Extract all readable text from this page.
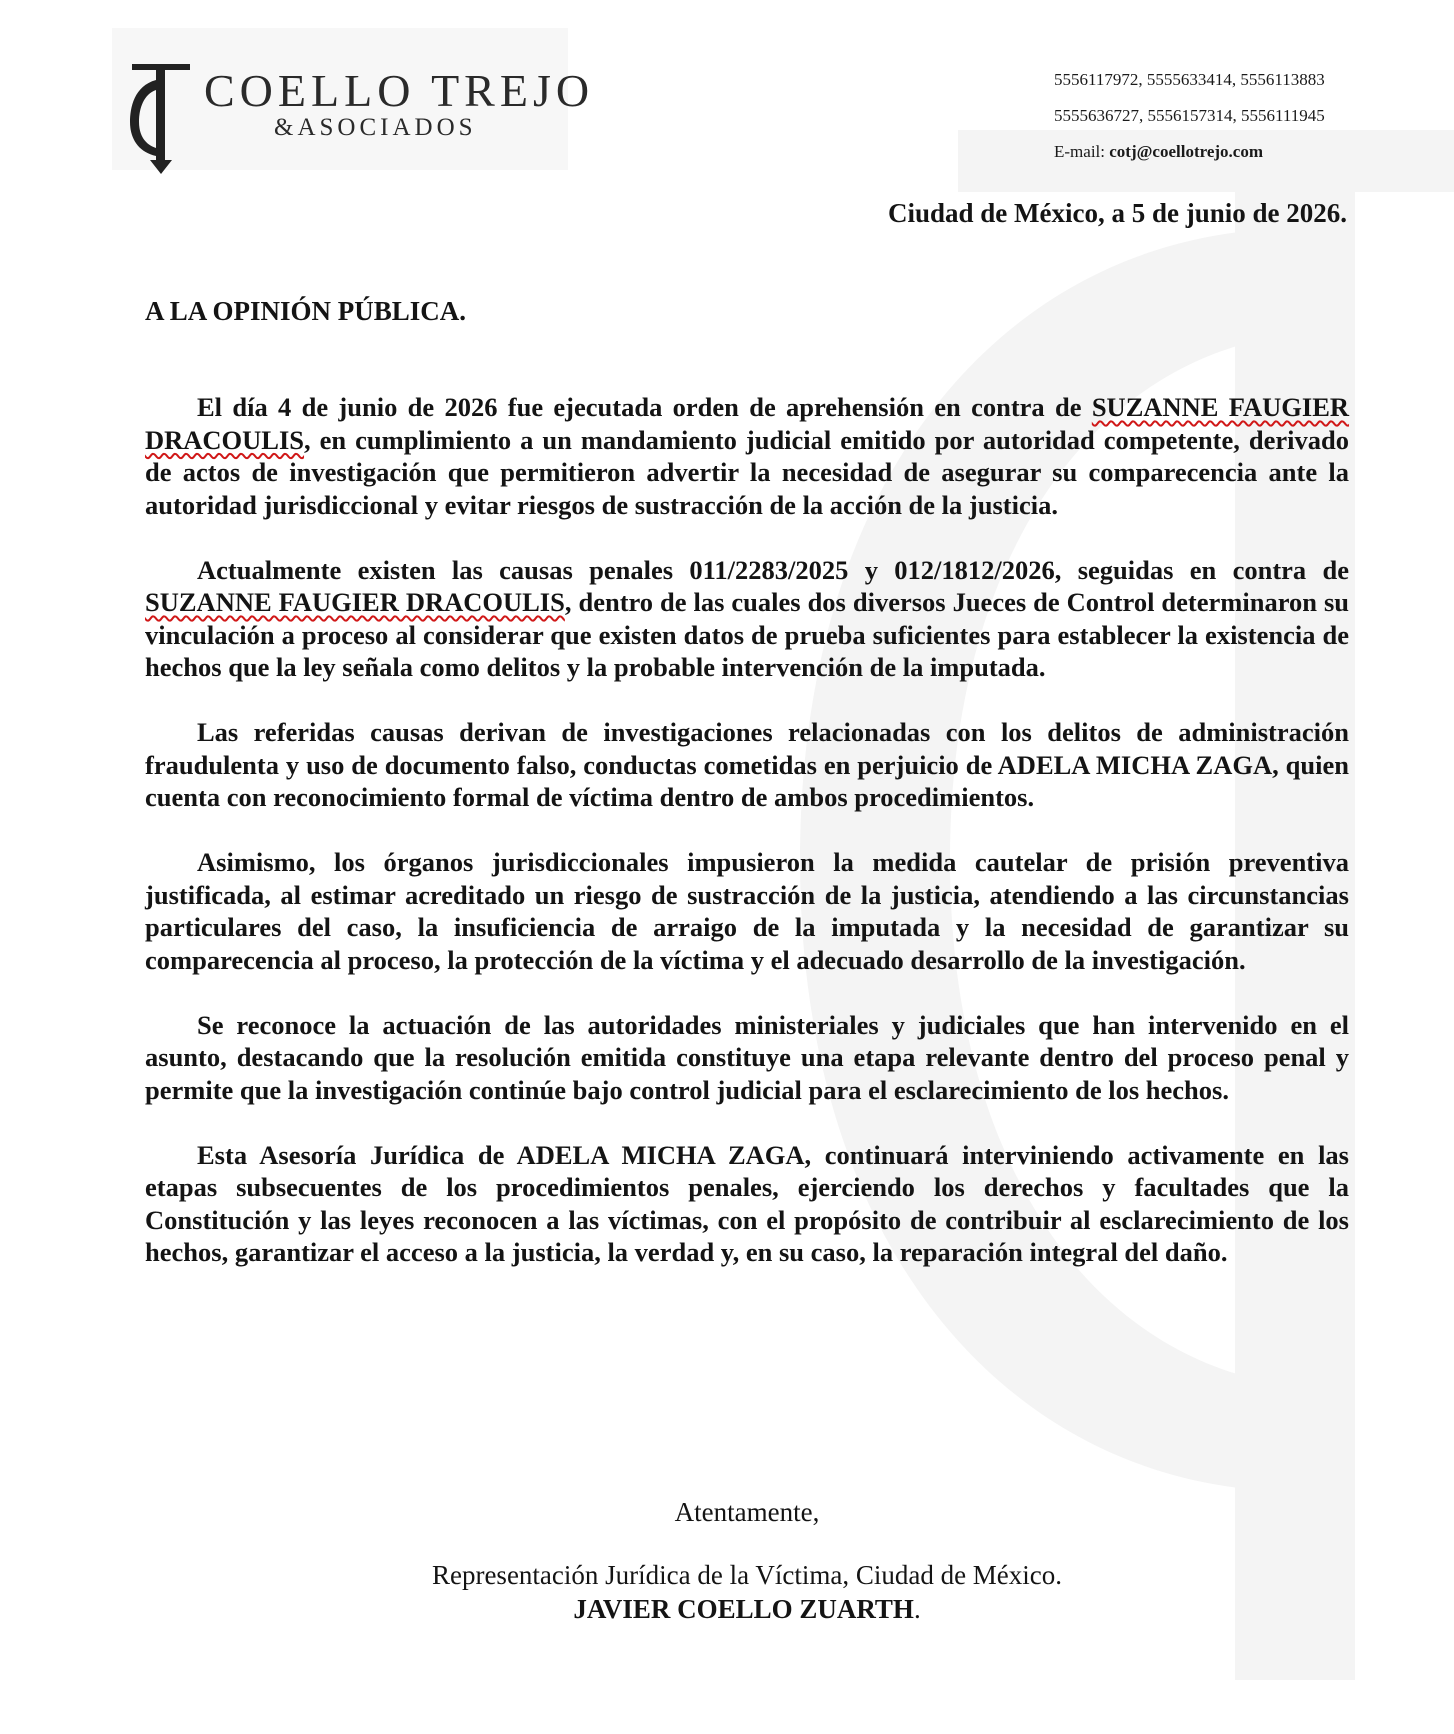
COELLO TREJO
&ASOCIADOS
5556117972, 5555633414, 5556113883
5555636727, 5556157314, 5556111945
E-mail: cotj@coellotrejo.com
Ciudad de México, a 5 de junio de 2026.
A LA OPINIÓN PÚBLICA.

El día 4 de junio de 2026 fue ejecutada orden de aprehensión en contra de SUZANNE FAUGIER DRACOULIS, en cumplimiento a un mandamiento judicial emitido por autoridad competente, derivado de actos de investigación que permitieron advertir la necesidad de asegurar su comparecencia ante la autoridad jurisdiccional y evitar riesgos de sustracción de la acción de la justicia.

Actualmente existen las causas penales 011/2283/2025 y 012/1812/2026, seguidas en contra de SUZANNE FAUGIER DRACOULIS, dentro de las cuales dos diversos Jueces de Control determinaron su vinculación a proceso al considerar que existen datos de prueba suficientes para establecer la existencia de hechos que la ley señala como delitos y la probable intervención de la imputada.

Las referidas causas derivan de investigaciones relacionadas con los delitos de administración fraudulenta y uso de documento falso, conductas cometidas en perjuicio de ADELA MICHA ZAGA, quien cuenta con reconocimiento formal de víctima dentro de ambos procedimientos.

Asimismo, los órganos jurisdiccionales impusieron la medida cautelar de prisión preventiva justificada, al estimar acreditado un riesgo de sustracción de la justicia, atendiendo a las circunstancias particulares del caso, la insuficiencia de arraigo de la imputada y la necesidad de garantizar su comparecencia al proceso, la protección de la víctima y el adecuado desarrollo de la investigación.

Se reconoce la actuación de las autoridades ministeriales y judiciales que han intervenido en el asunto, destacando que la resolución emitida constituye una etapa relevante dentro del proceso penal y permite que la investigación continúe bajo control judicial para el esclarecimiento de los hechos.

Esta Asesoría Jurídica de ADELA MICHA ZAGA, continuará interviniendo activamente en las etapas subsecuentes de los procedimientos penales, ejerciendo los derechos y facultades que la Constitución y las leyes reconocen a las víctimas, con el propósito de contribuir al esclarecimiento de los hechos, garantizar el acceso a la justicia, la verdad y, en su caso, la reparación integral del daño.

Atentamente,
Representación Jurídica de la Víctima, Ciudad de México.
JAVIER COELLO ZUARTH.
